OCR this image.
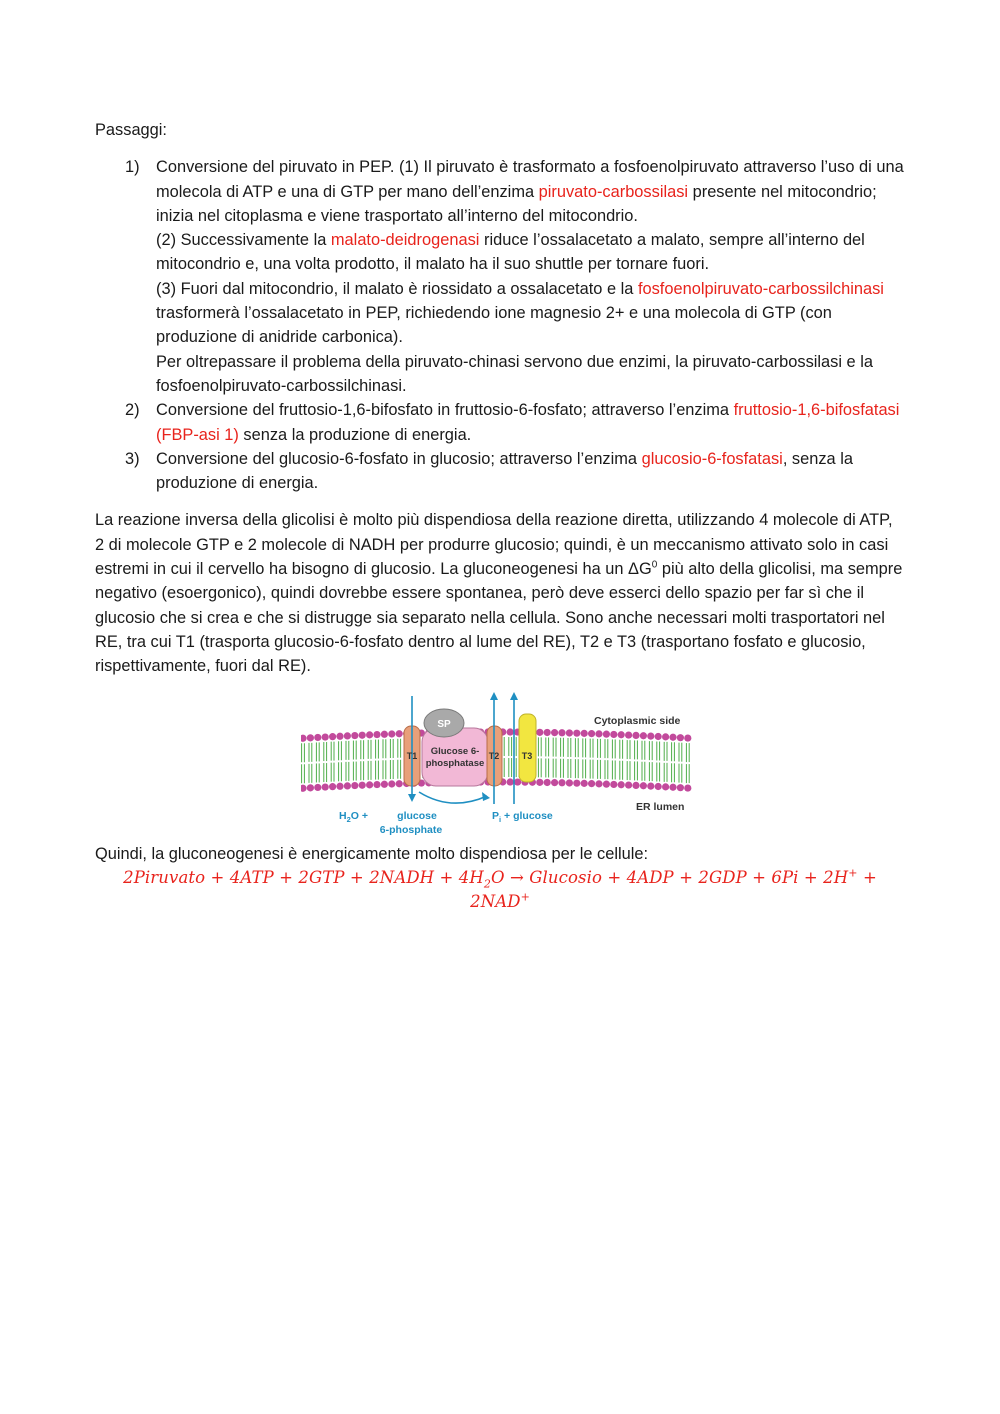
Passaggi:

1) Conversione del piruvato in PEP. (1) Il piruvato è trasformato a fosfoenolpiruvato attraverso l’uso di una molecola di ATP e una di GTP per mano dell’enzima piruvato-carbossilasi presente nel mitocondrio; inizia nel citoplasma e viene trasportato all’interno del mitocondrio.
(2) Successivamente la malato-deidrogenasi riduce l’ossalacetato a malato, sempre all’interno del mitocondrio e, una volta prodotto, il malato ha il suo shuttle per tornare fuori.
(3) Fuori dal mitocondrio, il malato è riossidato a ossalacetato e la fosfoenolpiruvato-carbossilchinasi trasformerà l’ossalacetato in PEP, richiedendo ione magnesio 2+ e una molecola di GTP (con produzione di anidride carbonica).
Per oltrepassare il problema della piruvato-chinasi servono due enzimi, la piruvato-carbossilasi e la fosfoenolpiruvato-carbossilchinasi.
2) Conversione del fruttosio-1,6-bifosfato in fruttosio-6-fosfato; attraverso l’enzima fruttosio-1,6-bifosfatasi (FBP-asi 1) senza la produzione di energia.
3) Conversione del glucosio-6-fosfato in glucosio; attraverso l’enzima glucosio-6-fosfatasi, senza la produzione di energia.

La reazione inversa della glicolisi è molto più dispendiosa della reazione diretta, utilizzando 4 molecole di ATP, 2 di molecole GTP e 2 molecole di NADH per produrre glucosio; quindi, è un meccanismo attivato solo in casi estremi in cui il cervello ha bisogno di glucosio. La gluconeogenesi ha un $\Delta G^0$ più alto della glicolisi, ma sempre negativo (esoergonico), quindi dovrebbe essere spontanea, però deve esserci dello spazio per far sì che il glucosio che si crea e che si distrugge sia separato nella cellula. Sono anche necessari molti trasportatori nel RE, tra cui T1 (trasporta glucosio-6-fosfato dentro al lume del RE), T2 e T3 (trasportano fosfato e glucosio, rispettivamente, fuori dal RE).

SP
Glucose 6-
phosphatase
T1	T2 T3
Cytoplasmic side
ER lumen
$H_2O$ +	glucose
6-phosphate
$P_i + glucose$

Quindi, la gluconeogenesi è energicamente molto dispendiosa per le cellule:

2Piruvato + 4ATP + 2GTP + 2NADH + $4H_2O$ → Glucosio + 4ADP + 2GDP + 6Pi + 2H+ + 2NAD+
